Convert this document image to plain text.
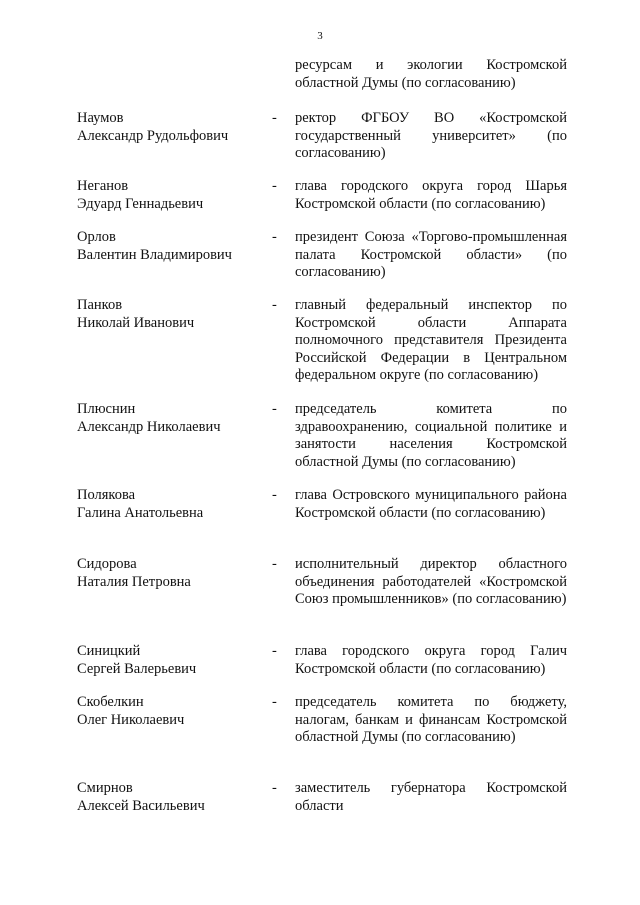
3
ресурсам и экологии Костромской областной Думы (по согласованию)
Наумов
Александр Рудольфович
- ректор ФГБОУ ВО «Костромской государственный университет» (по согласованию)
Неганов
Эдуард Геннадьевич
- глава городского округа город Шарья Костромской области (по согласованию)
Орлов
Валентин Владимирович
- президент Союза «Торгово-промышленная палата Костромской области» (по согласованию)
Панков
Николай Иванович
- главный федеральный инспектор по Костромской области Аппарата полномочного представителя Президента Российской Федерации в Центральном федеральном округе (по согласованию)
Плюснин
Александр Николаевич
- председатель комитета по здравоохранению, социальной политике и занятости населения Костромской областной Думы (по согласованию)
Полякова
Галина Анатольевна
- глава Островского муниципального района Костромской области (по согласованию)
Сидорова
Наталия Петровна
- исполнительный директор областного объединения работодателей «Костромской Союз промышленников» (по согласованию)
Синицкий
Сергей Валерьевич
- глава городского округа город Галич Костромской области (по согласованию)
Скобелкин
Олег Николаевич
- председатель комитета по бюджету, налогам, банкам и финансам Костромской областной Думы (по согласованию)
Смирнов
Алексей Васильевич
- заместитель губернатора Костромской области
